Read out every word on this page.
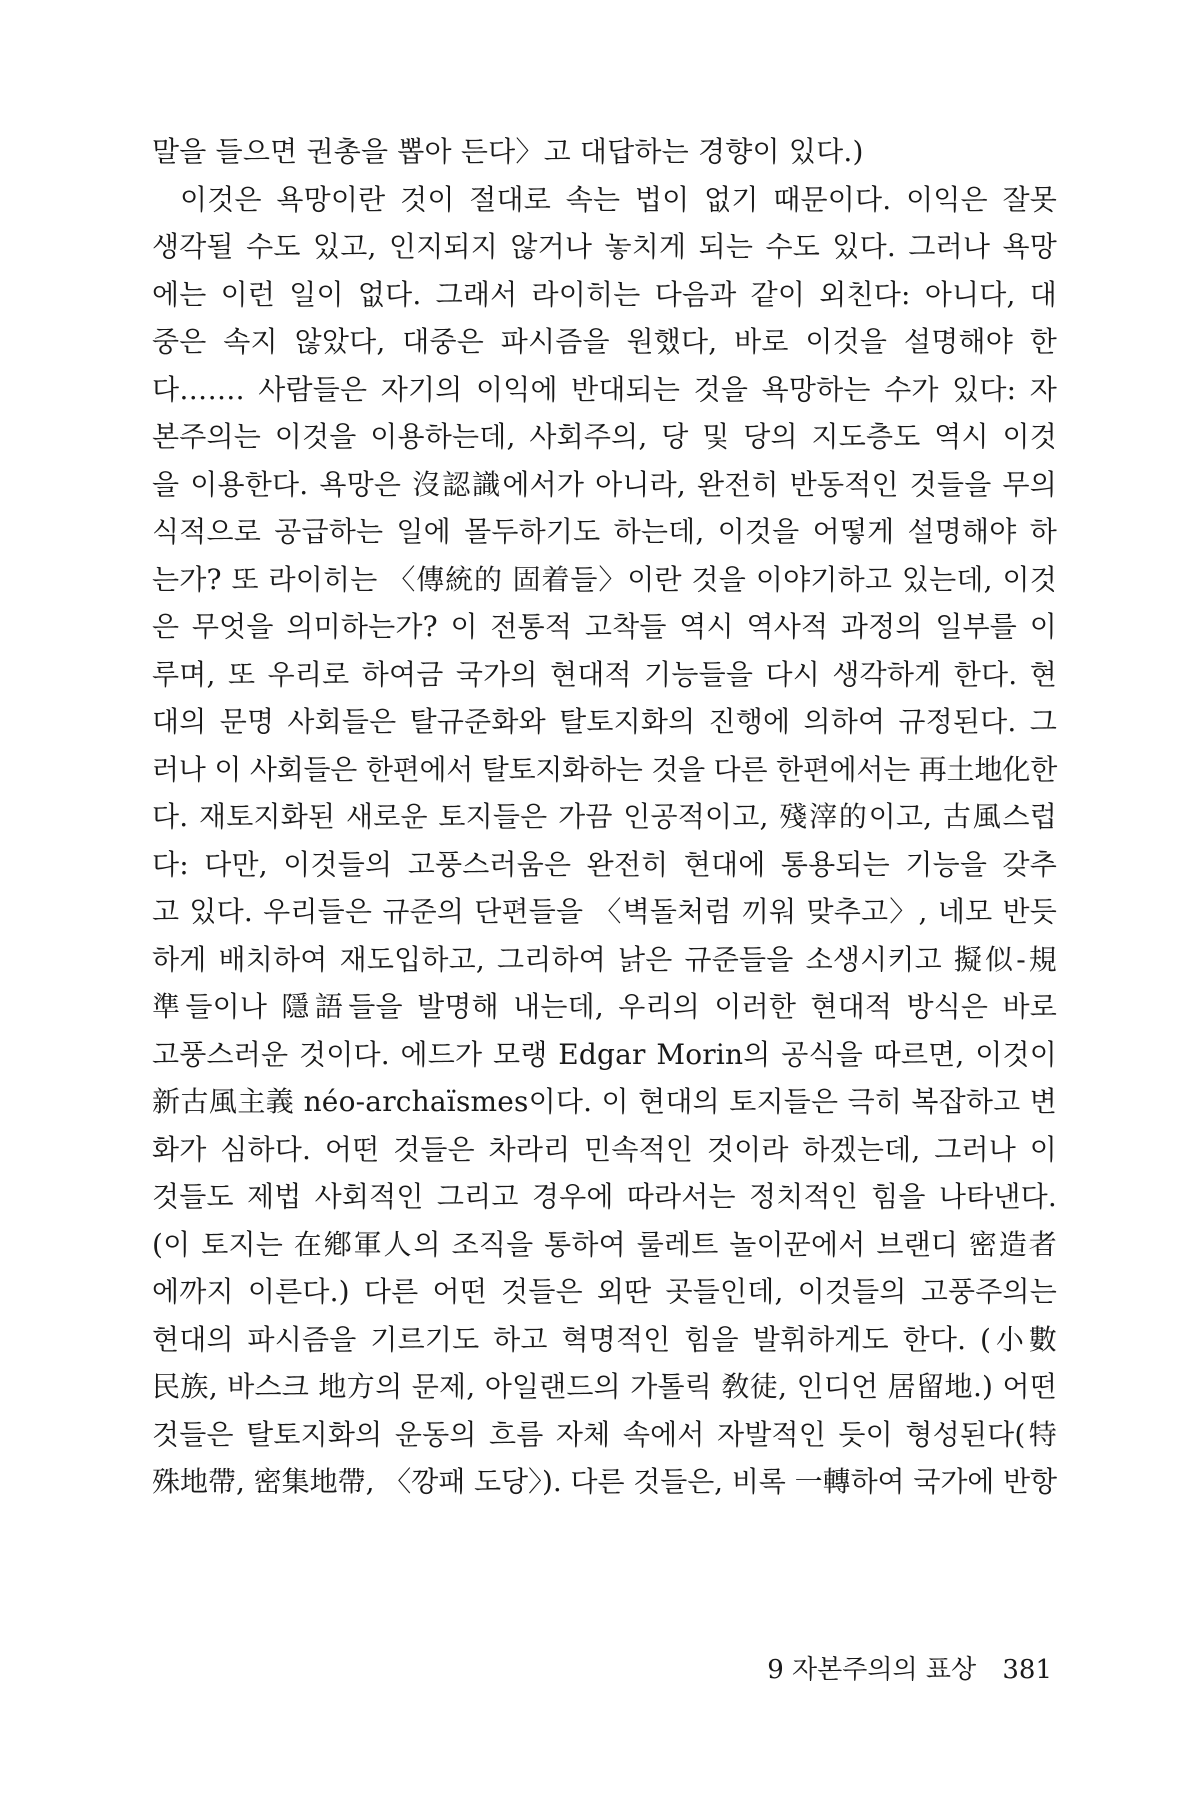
말을 들으면 권총을 뽑아 든다〉고 대답하는 경향이 있다.)
이것은 욕망이란 것이 절대로 속는 법이 없기 때문이다. 이익은 잘못
생각될 수도 있고, 인지되지 않거나 놓치게 되는 수도 있다. 그러나 욕망
에는 이런 일이 없다. 그래서 라이히는 다음과 같이 외친다: 아니다, 대
중은 속지 않았다, 대중은 파시즘을 원했다, 바로 이것을 설명해야 한
다……. 사람들은 자기의 이익에 반대되는 것을 욕망하는 수가 있다: 자
본주의는 이것을 이용하는데, 사회주의, 당 및 당의 지도층도 역시 이것
을 이용한다. 욕망은 沒認識에서가 아니라, 완전히 반동적인 것들을 무의
식적으로 공급하는 일에 몰두하기도 하는데, 이것을 어떻게 설명해야 하
는가? 또 라이히는 〈傳統的 固着들〉이란 것을 이야기하고 있는데, 이것
은 무엇을 의미하는가? 이 전통적 고착들 역시 역사적 과정의 일부를 이
루며, 또 우리로 하여금 국가의 현대적 기능들을 다시 생각하게 한다. 현
대의 문명 사회들은 탈규준화와 탈토지화의 진행에 의하여 규정된다. 그
러나 이 사회들은 한편에서 탈토지화하는 것을 다른 한편에서는 再土地化한
다. 재토지화된 새로운 토지들은 가끔 인공적이고, 殘滓的이고, 古風스럽
다: 다만, 이것들의 고풍스러움은 완전히 현대에 통용되는 기능을 갖추
고 있다. 우리들은 규준의 단편들을 〈벽돌처럼 끼워 맞추고〉, 네모 반듯
하게 배치하여 재도입하고, 그리하여 낡은 규준들을 소생시키고 擬似-規
準들이나 隱語들을 발명해 내는데, 우리의 이러한 현대적 방식은 바로
고풍스러운 것이다. 에드가 모랭 Edgar Morin의 공식을 따르면, 이것이
新古風主義 néo-archaïsmes이다. 이 현대의 토지들은 극히 복잡하고 변
화가 심하다. 어떤 것들은 차라리 민속적인 것이라 하겠는데, 그러나 이
것들도 제법 사회적인 그리고 경우에 따라서는 정치적인 힘을 나타낸다.
(이 토지는 在鄕軍人의 조직을 통하여 룰레트 놀이꾼에서 브랜디 密造者
에까지 이른다.) 다른 어떤 것들은 외딴 곳들인데, 이것들의 고풍주의는
현대의 파시즘을 기르기도 하고 혁명적인 힘을 발휘하게도 한다. (小數
民族, 바스크 地方의 문제, 아일랜드의 가톨릭 敎徒, 인디언 居留地.) 어떤
것들은 탈토지화의 운동의 흐름 자체 속에서 자발적인 듯이 형성된다(特
殊地帶, 密集地帶, 〈깡패 도당〉). 다른 것들은, 비록 一轉하여 국가에 반항
9 자본주의의 표상 381
